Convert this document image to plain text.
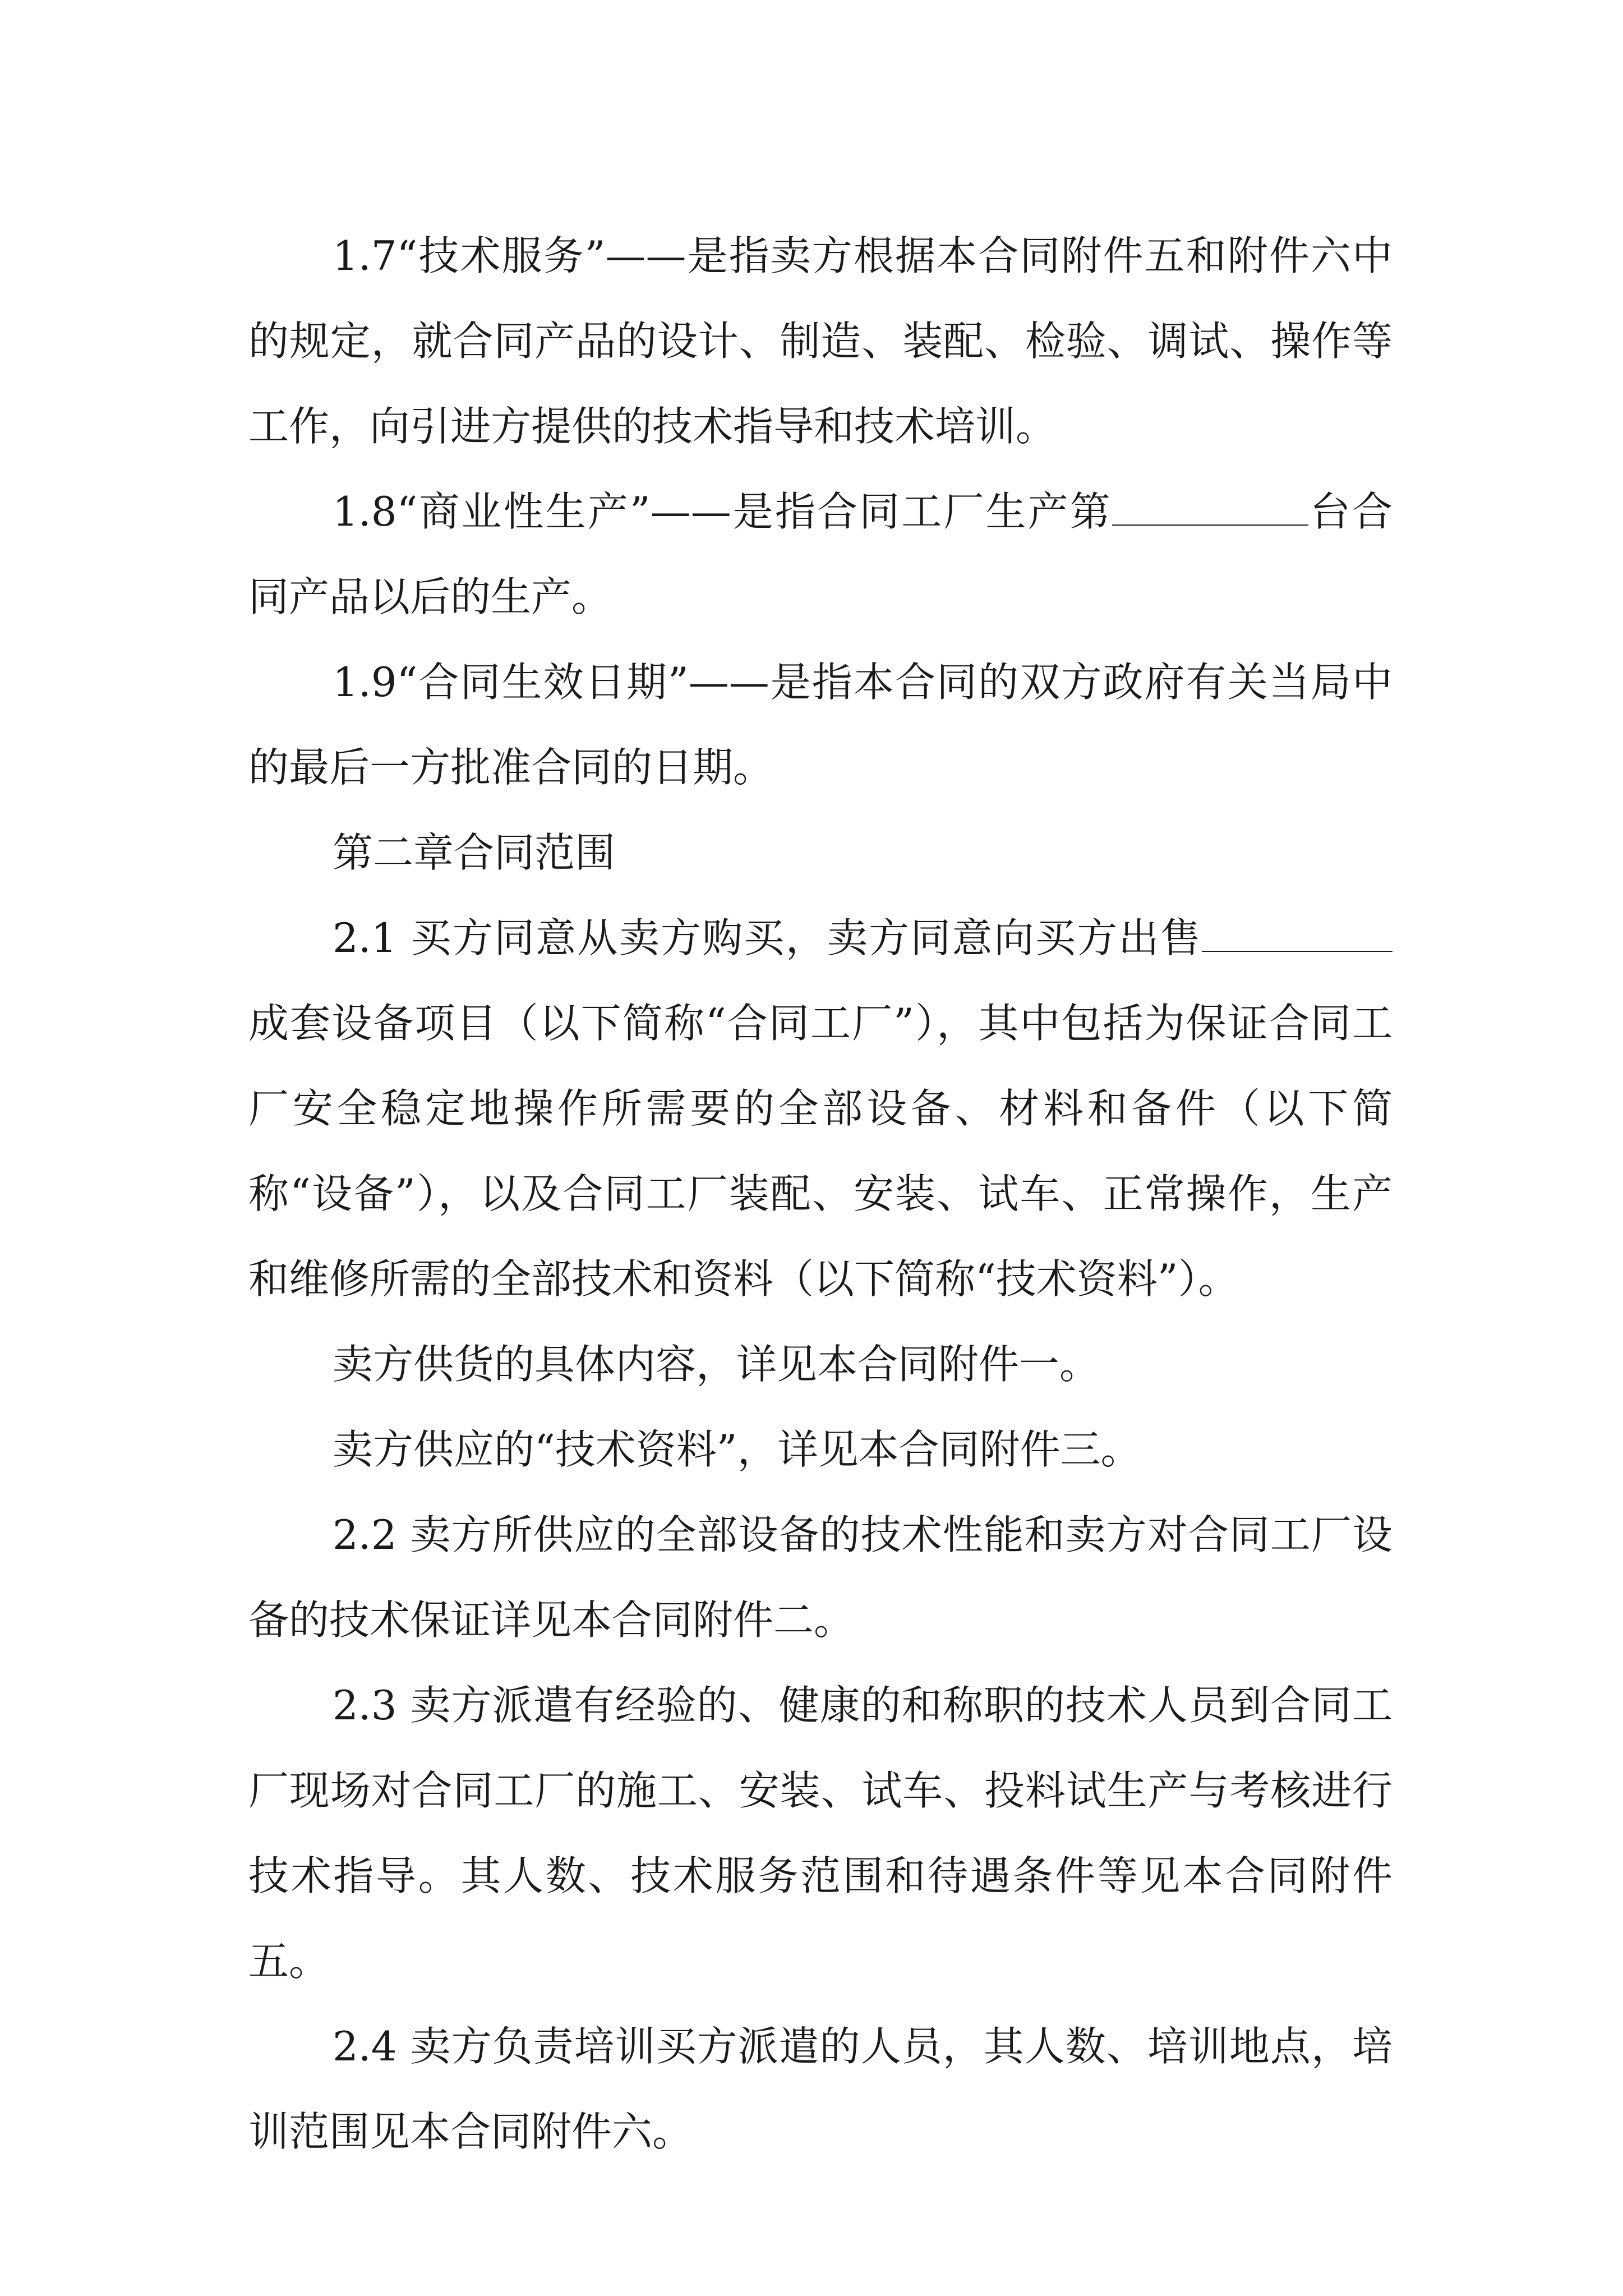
1.7“技术服务”——是指卖方根据本合同附件五和附件六中的规定，就合同产品的设计、制造、装配、检验、调试、操作等工作，向引进方提供的技术指导和技术培训。

1.8“商业性生产”——是指合同工厂生产第	台合同产品以后的生产。

1.9“合同生效日期”——是指本合同的双方政府有关当局中的最后一方批准合同的日期。

第二章合同范围

2.1 买方同意从卖方购买，卖方同意向买方出售成套设备项目（以下简称“合同工厂”），其中包括为保证合同工厂安全稳定地操作所需要的全部设备、材料和备件（以下简称“设备”），以及合同工厂装配、安装、试车、正常操作，生产和维修所需的全部技术和资料（以下简称“技术资料”）。

卖方供货的具体内容，详见本合同附件一。

卖方供应的“技术资料”，详见本合同附件三。

2.2 卖方所供应的全部设备的技术性能和卖方对合同工厂设备的技术保证详见本合同附件二。

2.3 卖方派遣有经验的、健康的和称职的技术人员到合同工厂现场对合同工厂的施工、安装、试车、投料试生产与考核进行技术指导。其人数、技术服务范围和待遇条件等见本合同附件五。

2.4 卖方负责培训买方派遣的人员，其人数、培训地点，培训范围见本合同附件六。
